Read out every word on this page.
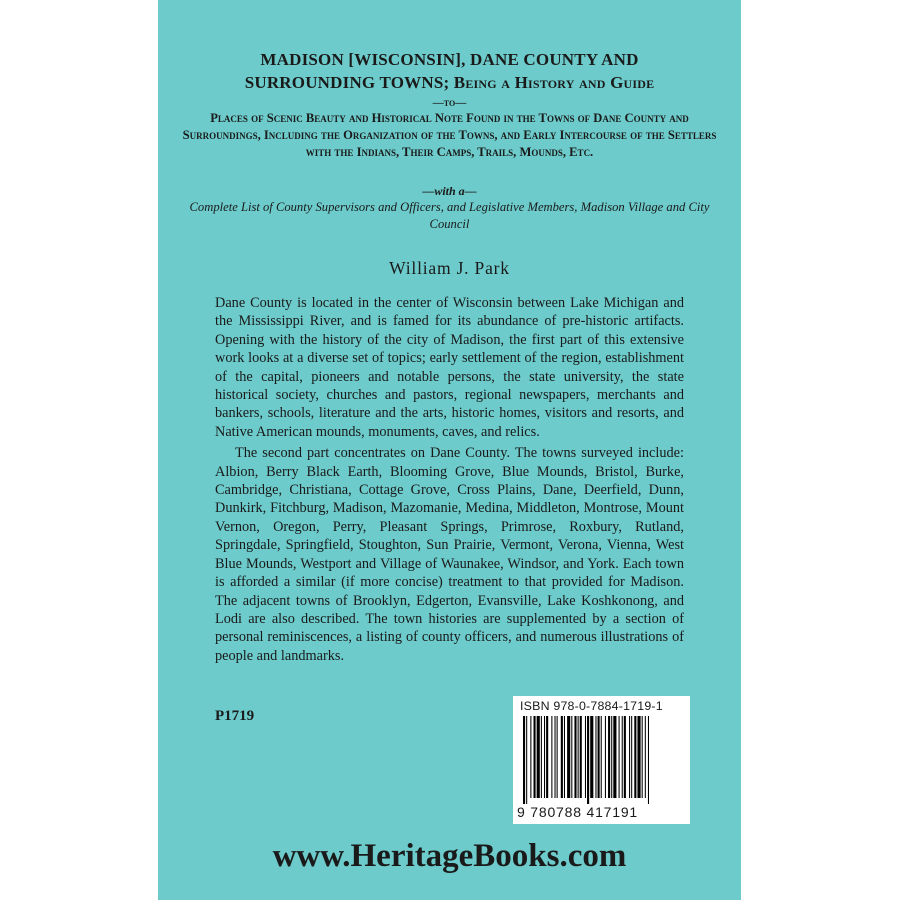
MADISON [WISCONSIN], DANE COUNTY AND
SURROUNDING TOWNS; Being a History and Guide
—to—
Places of Scenic Beauty and Historical Note Found in the Towns of Dane County and Surroundings, Including the Organization of the Towns, and Early Intercourse of the Settlers with the Indians, Their Camps, Trails, Mounds, Etc.
—with a—
Complete List of County Supervisors and Officers, and Legislative Members, Madison Village and City Council
William J. Park

Dane County is located in the center of Wisconsin between Lake Michigan and the Mississippi River, and is famed for its abundance of pre-historic artifacts. Opening with the history of the city of Madison, the first part of this extensive work looks at a diverse set of topics; early settlement of the region, establishment of the capital, pioneers and notable persons, the state university, the state historical society, churches and pastors, regional newspapers, merchants and bankers, schools, literature and the arts, historic homes, visitors and resorts, and Native American mounds, monuments, caves, and relics.

The second part concentrates on Dane County. The towns surveyed include: Albion, Berry Black Earth, Blooming Grove, Blue Mounds, Bristol, Burke, Cambridge, Christiana, Cottage Grove, Cross Plains, Dane, Deerfield, Dunn, Dunkirk, Fitchburg, Madison, Mazomanie, Medina, Middleton, Montrose, Mount Vernon, Oregon, Perry, Pleasant Springs, Primrose, Roxbury, Rutland, Springdale, Springfield, Stoughton, Sun Prairie, Vermont, Verona, Vienna, West Blue Mounds, Westport and Village of Waunakee, Windsor, and York. Each town is afforded a similar (if more concise) treatment to that provided for Madison. The adjacent towns of Brooklyn, Edgerton, Evansville, Lake Koshkonong, and Lodi are also described. The town histories are supplemented by a section of personal reminiscences, a listing of county officers, and numerous illustrations of people and landmarks.

P1719
ISBN 978-0-7884-1719-1
9 780788 417191
www.HeritageBooks.com
